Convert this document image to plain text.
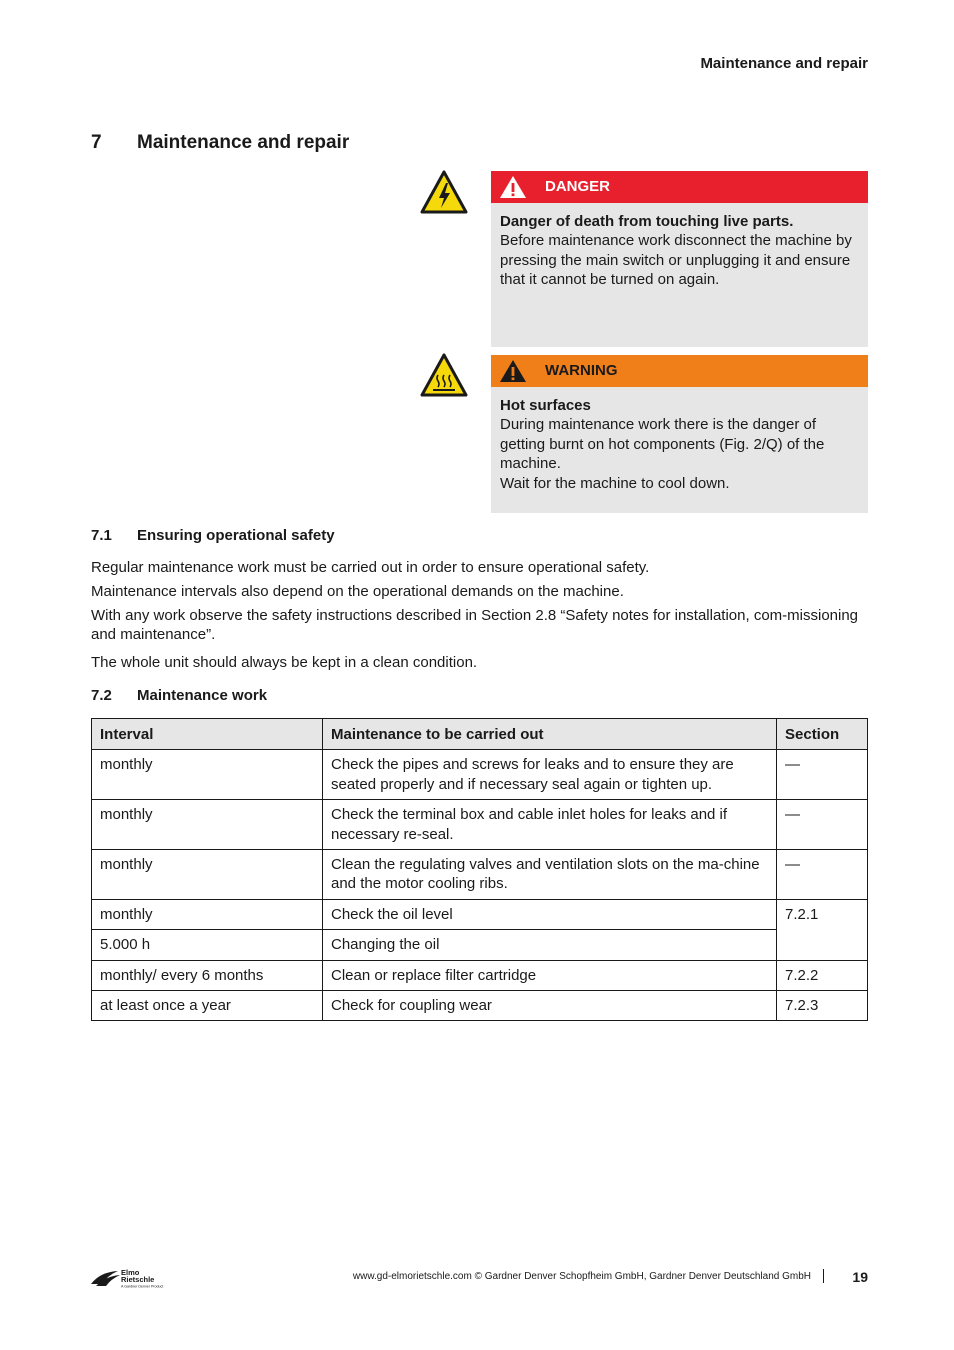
Maintenance and repair
7 Maintenance and repair
DANGER
Danger of death from touching live parts.
Before maintenance work disconnect the machine by pressing the main switch or unplugging it and ensure that it cannot be turned on again.
WARNING
Hot surfaces
During maintenance work there is the danger of getting burnt on hot components (Fig. 2/Q) of the machine.
Wait for the machine to cool down.
7.1 Ensuring operational safety
Regular maintenance work must be carried out in order to ensure operational safety.
Maintenance intervals also depend on the operational demands on the machine.
With any work observe the safety instructions described in Section 2.8 “Safety notes for installation, com-missioning and maintenance”.
The whole unit should always be kept in a clean condition.
7.2 Maintenance work
Interval	Maintenance to be carried out	Section
monthly	Check the pipes and screws for leaks and to ensure they are seated properly and if necessary seal again or tighten up.	—
monthly	Check the terminal box and cable inlet holes for leaks and if necessary re-seal.	—
monthly	Clean the regulating valves and ventilation slots on the ma-chine and the motor cooling ribs.	—
monthly	Check the oil level	7.2.1
5.000 h	Changing the oil	
monthly/ every 6 months	Clean or replace filter cartridge	7.2.2
at least once a year	Check for coupling wear	7.2.3
Elmo
Rietschle
A Gardner Denver Product
www.gd-elmorietschle.com © Gardner Denver Schopfheim GmbH, Gardner Denver Deutschland GmbH	19
